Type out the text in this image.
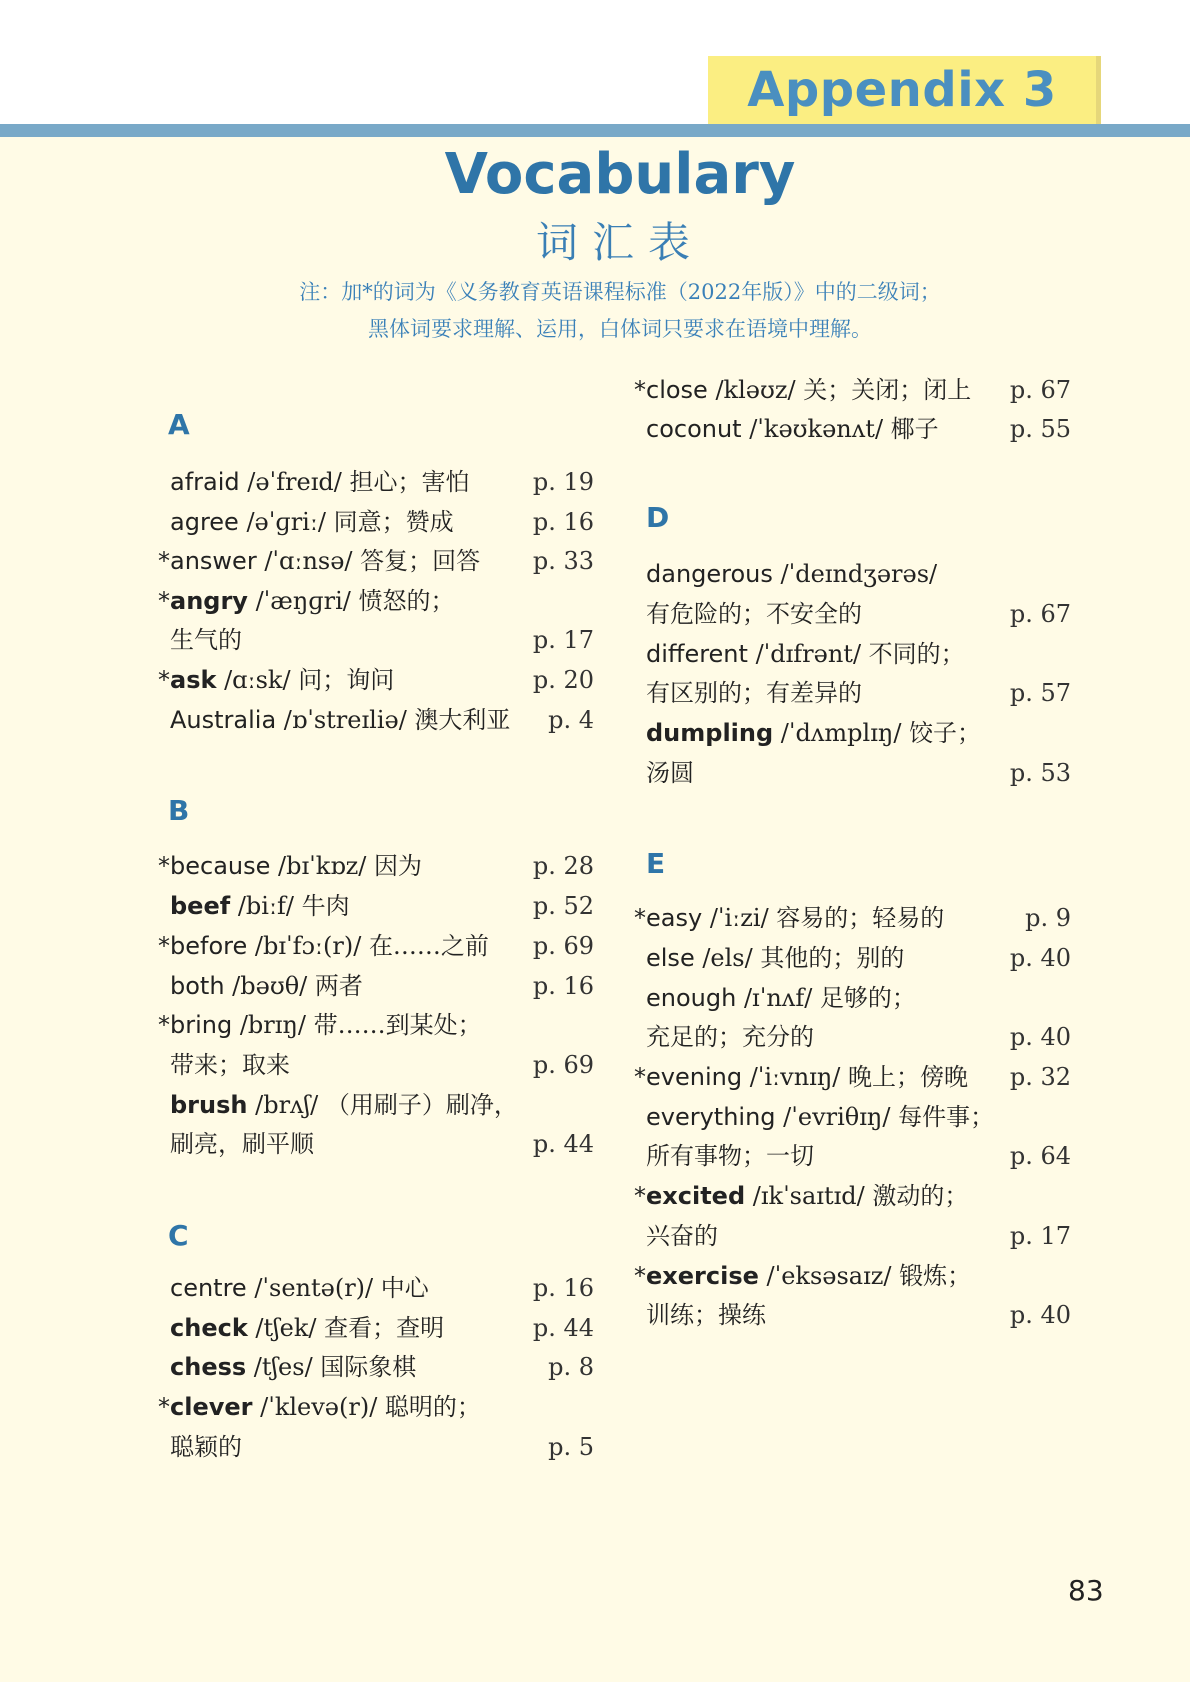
Appendix 3
Vocabulary
词汇表
注：加*的词为《义务教育英语课程标准（2022年版）》中的二级词；
黑体词要求理解、运用，白体词只要求在语境中理解。
A
afraid /əˈfreɪd/ 担心；害怕	p. 19
agree /əˈɡriː/ 同意；赞成	p. 16
*answer /ˈɑːnsə/ 答复；回答 p. 33
*angry /ˈæŋɡri/ 愤怒的；
生气的	p. 17
*ask /ɑːsk/ 问；询问	p. 20
Australia /ɒˈstreɪliə/ 澳大利亚 p. 4
B
*because /bɪˈkɒz/ 因为	p. 28
beef /biːf/ 牛肉	p. 52
*before /bɪˈfɔː(r)/ 在……之前 p. 69
both /bəʊθ/ 两者	p. 16
*bring /brɪŋ/ 带……到某处；
带来；取来	p. 69
brush /brʌʃ/ （用刷子）刷净，
刷亮，刷平顺	p. 44
C
centre /ˈsentə(r)/ 中心	p. 16
check /tʃek/ 查看；查明	p. 44
chess /tʃes/ 国际象棋	p. 8
*clever /ˈklevə(r)/ 聪明的；
聪颖的	p. 5
*close /kləʊz/ 关；关闭；闭上 p. 67
coconut /ˈkəʊkənʌt/ 椰子	p. 55
D
dangerous /ˈdeɪndʒərəs/
有危险的；不安全的	p. 67
different /ˈdɪfrənt/ 不同的；
有区别的；有差异的	p. 57
dumpling /ˈdʌmplɪŋ/ 饺子；
汤圆	p. 53
E
*easy /ˈiːzi/ 容易的；轻易的	p. 9
else /els/ 其他的；别的	p. 40
enough /ɪˈnʌf/ 足够的；
充足的；充分的	p. 40
*evening /ˈiːvnɪŋ/ 晚上；傍晚 p. 32
everything /ˈevriθɪŋ/ 每件事；
所有事物；一切	p. 64
*excited /ɪkˈsaɪtɪd/ 激动的；
兴奋的	p. 17
*exercise /ˈeksəsaɪz/ 锻炼；
训练；操练	p. 40
83
